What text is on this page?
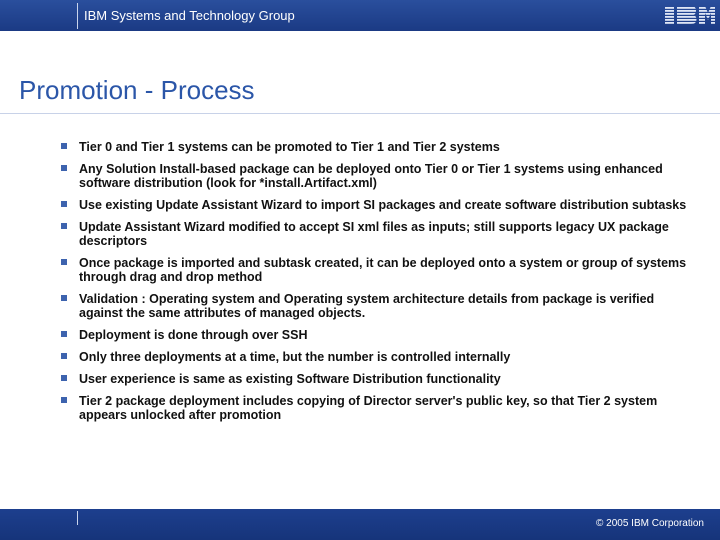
IBM Systems and Technology Group
Promotion - Process
Tier 0 and Tier 1 systems can be promoted to Tier 1 and Tier 2 systems
Any Solution Install-based package can be deployed onto Tier 0 or Tier 1 systems using enhanced software distribution (look for *install.Artifact.xml)
Use existing Update Assistant Wizard to import SI packages and create software distribution subtasks
Update Assistant Wizard modified to accept SI xml files as inputs; still supports legacy UX package descriptors
Once package is imported and subtask created, it can be deployed onto a system or group of systems through drag and drop method
Validation : Operating system and Operating system architecture details from package is verified against the same attributes of managed objects.
Deployment is done through over SSH
Only three deployments at a time, but the number is controlled internally
User experience is same as existing Software Distribution functionality
Tier 2 package deployment includes copying of Director server's public key, so that Tier 2 system appears unlocked after promotion
© 2005 IBM Corporation
